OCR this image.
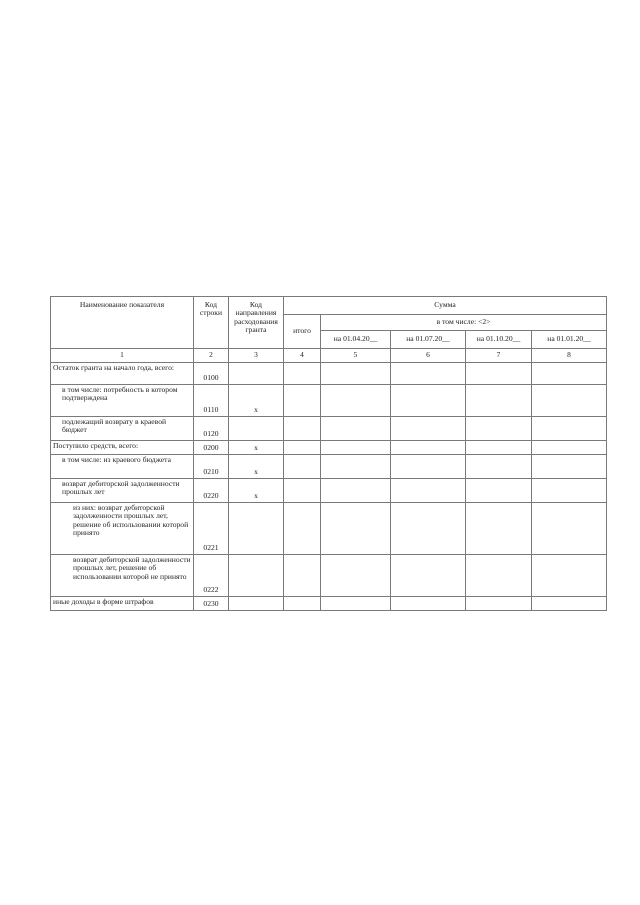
Наименование показателя	Код строки	Код направления расходования гранта	Сумма				
			итого	в том числе: <2>			
				на 01.04.20__	на 01.07.20__	на 01.10.20__	на 01.01.20__
1	2	3	4	5	6	7	8
Остаток гранта на начало года, всего:	0100						
в том числе: потребность в котором подтверждена	0110	x					
подлежащий возврату в краевой бюджет	0120						
Поступило средств, всего:	0200	x					
в том числе: из краевого бюджета	0210	x					
возврат дебиторской задолженности прошлых лет	0220	x					
из них: возврат дебиторской задолженности прошлых лет, решение об использовании которой принято	0221						
возврат дебиторской задолженности прошлых лет, решение об использовании которой не принято	0222						
иные доходы в форме штрафов	0230						
